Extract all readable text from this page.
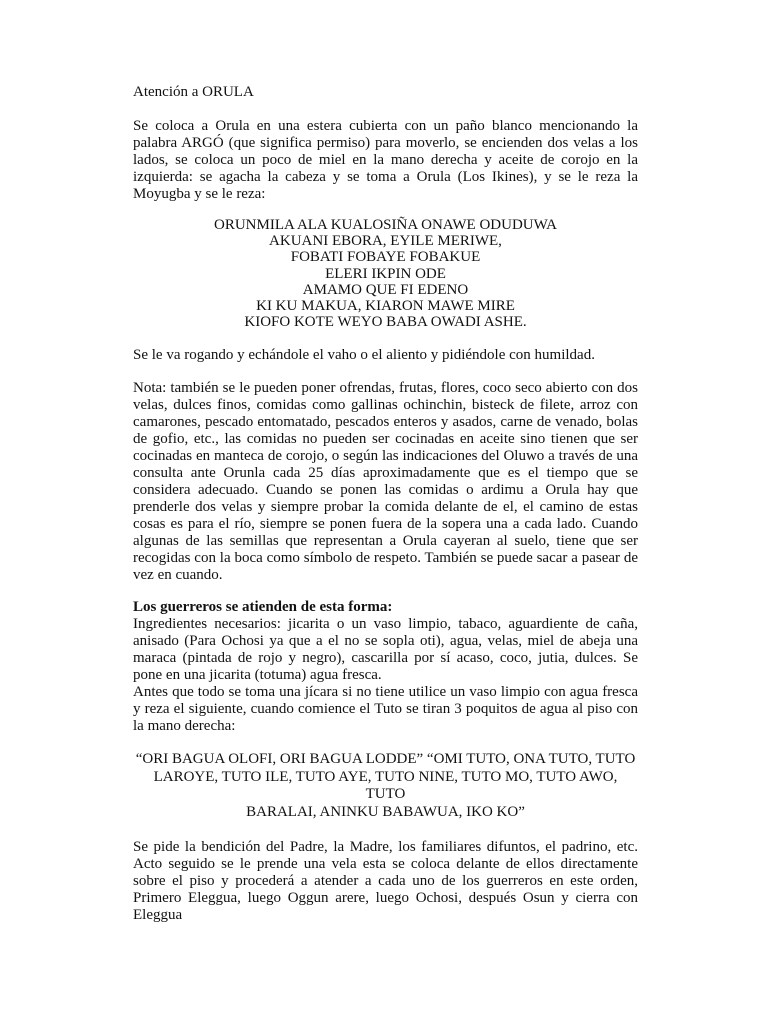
Atención a ORULA

Se coloca a Orula en una estera cubierta con un paño blanco mencionando la palabra ARGÓ (que significa permiso) para moverlo, se encienden dos velas a los lados, se coloca un poco de miel en la mano derecha y aceite de corojo en la izquierda: se agacha la cabeza y se toma a Orula (Los Ikines), y se le reza la Moyugba y se le reza:

ORUNMILA ALA KUALOSIÑA ONAWE ODUDUWA
AKUANI EBORA, EYILE MERIWE,
FOBATI FOBAYE FOBAKUE
ELERI IKPIN ODE
AMAMO QUE FI EDENO
KI KU MAKUA, KIARON MAWE MIRE
KIOFO KOTE WEYO BABA OWADI ASHE.

Se le va rogando y echándole el vaho o el aliento y pidiéndole con humildad.

Nota: también se le pueden poner ofrendas, frutas, flores, coco seco abierto con dos velas, dulces finos, comidas como gallinas ochinchin, bisteck de filete, arroz con camarones, pescado entomatado, pescados enteros y asados, carne de venado, bolas de gofio, etc., las comidas no pueden ser cocinadas en aceite sino tienen que ser cocinadas en manteca de corojo, o según las indicaciones del Oluwo a través de una consulta ante Orunla cada 25 días aproximadamente que es el tiempo que se considera adecuado. Cuando se ponen las comidas o ardimu a Orula hay que prenderle dos velas y siempre probar la comida delante de el, el camino de estas cosas es para el río, siempre se ponen fuera de la sopera una a cada lado. Cuando algunas de las semillas que representan a Orula cayeran al suelo, tiene que ser recogidas con la boca como símbolo de respeto. También se puede sacar a pasear de vez en cuando.

Los guerreros se atienden de esta forma:

Ingredientes necesarios: jicarita o un vaso limpio, tabaco, aguardiente de caña, anisado (Para Ochosi ya que a el no se sopla oti), agua, velas, miel de abeja una maraca (pintada de rojo y negro), cascarilla por sí acaso, coco, jutia, dulces. Se pone en una jicarita (totuma) agua fresca.

Antes que todo se toma una jícara si no tiene utilice un vaso limpio con agua fresca y reza el siguiente, cuando comience el Tuto se tiran 3 poquitos de agua al piso con la mano derecha:

“ORI BAGUA OLOFI, ORI BAGUA LODDE” “OMI TUTO, ONA TUTO, TUTO
LAROYE, TUTO ILE, TUTO AYE, TUTO NINE, TUTO MO, TUTO AWO, TUTO
BARALAI, ANINKU BABAWUA, IKO KO”

Se pide la bendición del Padre, la Madre, los familiares difuntos, el padrino, etc. Acto seguido se le prende una vela esta se coloca delante de ellos directamente sobre el piso y procederá a atender a cada uno de los guerreros en este orden, Primero Eleggua, luego Oggun arere, luego Ochosi, después Osun y cierra con Eleggua
